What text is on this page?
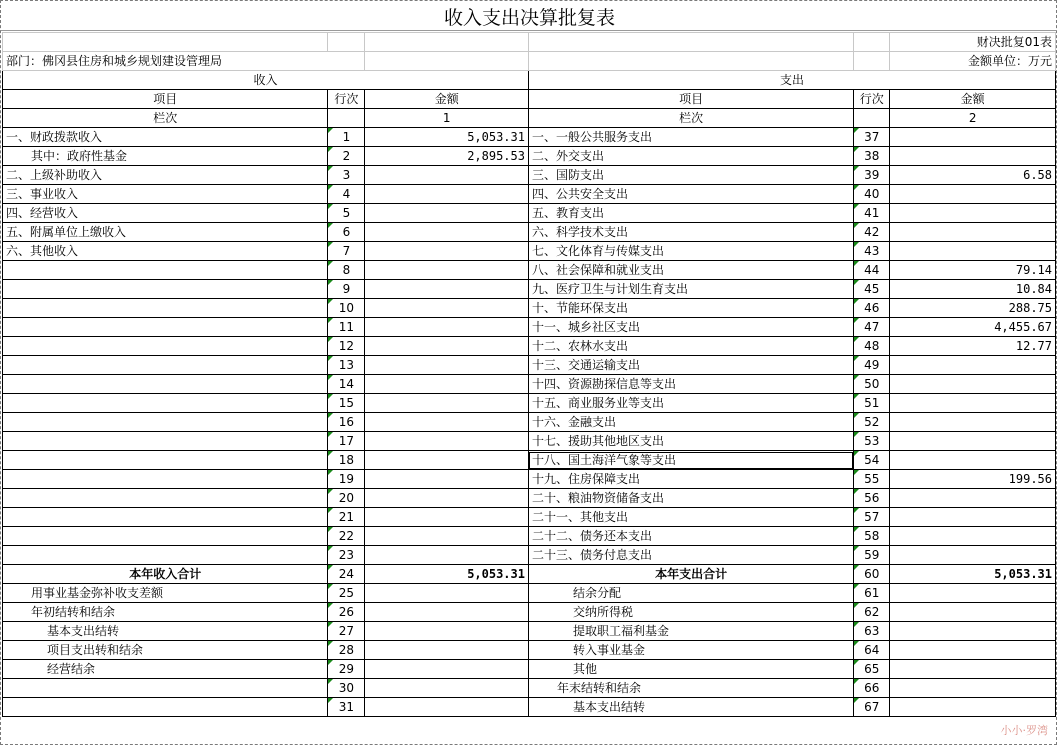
收入支出决算批复表
					财决批复01表
部门：佛冈县住房和城乡规划建设管理局					金额单位：万元
收入			支出		
项目	行次	金额	项目	行次	金额
栏次		1	栏次		2
一、财政拨款收入	1	5,053.31	一、一般公共服务支出	37	
其中：政府性基金	2	2,895.53	二、外交支出	38	
二、上级补助收入	3		三、国防支出	39	6.58
三、事业收入	4		四、公共安全支出	40	
四、经营收入	5		五、教育支出	41	
五、附属单位上缴收入	6		六、科学技术支出	42	
六、其他收入	7		七、文化体育与传媒支出	43	
	8		八、社会保障和就业支出	44	79.14
	9		九、医疗卫生与计划生育支出	45	10.84
	10		十、节能环保支出	46	288.75
	11		十一、城乡社区支出	47	4,455.67
	12		十二、农林水支出	48	12.77
	13		十三、交通运输支出	49	
	14		十四、资源勘探信息等支出	50	
	15		十五、商业服务业等支出	51	
	16		十六、金融支出	52	
	17		十七、援助其他地区支出	53	
	18		十八、国土海洋气象等支出	54	
	19		十九、住房保障支出	55	199.56
	20		二十、粮油物资储备支出	56	
	21		二十一、其他支出	57	
	22		二十二、债务还本支出	58	
	23		二十三、债务付息支出	59	
本年收入合计	24	5,053.31	本年支出合计	60	5,053.31
用事业基金弥补收支差额	25		结余分配	61	
年初结转和结余	26		交纳所得税	62	
基本支出结转	27		提取职工福利基金	63	
项目支出转和结余	28		转入事业基金	64	
经营结余	29		其他	65	
	30		年末结转和结余	66	
	31		基本支出结转	67	
小小·罗湾
